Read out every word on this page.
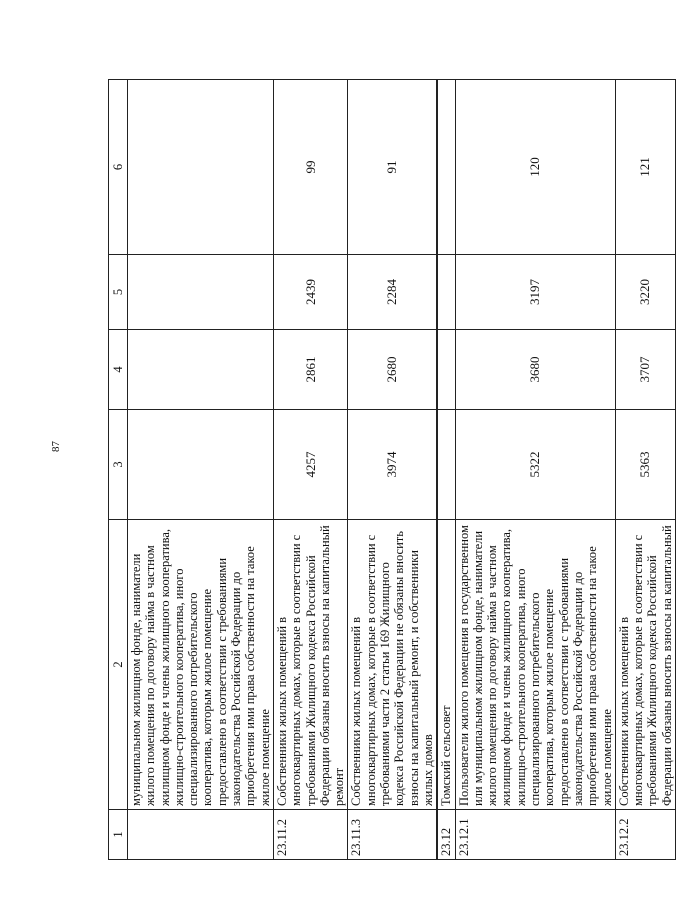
87
1	2	3	4	5	6
	муниципальном жилищном фонде, наниматели жилого помещения по договору найма в частном жилищном фонде и члены жилищного кооператива, жилищно-строительного кооператива, иного специализированного потребительского кооператива, которым жилое помещение предоставлено в соответствии с требованиями законодательства Российской Федерации до приобретения ими права собственности на такое жилое помещение				
23.11.2	Собственники жилых помещений в многоквартирных домах, которые в соответствии с требованиями Жилищного кодекса Российской Федерации обязаны вносить взносы на капитальный ремонт	4257	2861	2439	99
23.11.3	Собственники жилых помещений в многоквартирных домах, которые в соответствии с требованиями части 2 статьи 169 Жилищного кодекса Российской Федерации не обязаны вносить взносы на капитальный ремонт, и собственники жилых домов	3974	2680	2284	91
23.12	Томский сельсовет				
23.12.1	Пользователи жилого помещения в государственном или муниципальном жилищном фонде, наниматели жилого помещения по договору найма в частном жилищном фонде и члены жилищного кооператива, жилищно-строительного кооператива, иного специализированного потребительского кооператива, которым жилое помещение предоставлено в соответствии с требованиями законодательства Российской Федерации до приобретения ими права собственности на такое жилое помещение	5322	3680	3197	120
23.12.2	Собственники жилых помещений в многоквартирных домах, которые в соответствии с требованиями Жилищного кодекса Российской Федерации обязаны вносить взносы на капитальный	5363	3707	3220	121
